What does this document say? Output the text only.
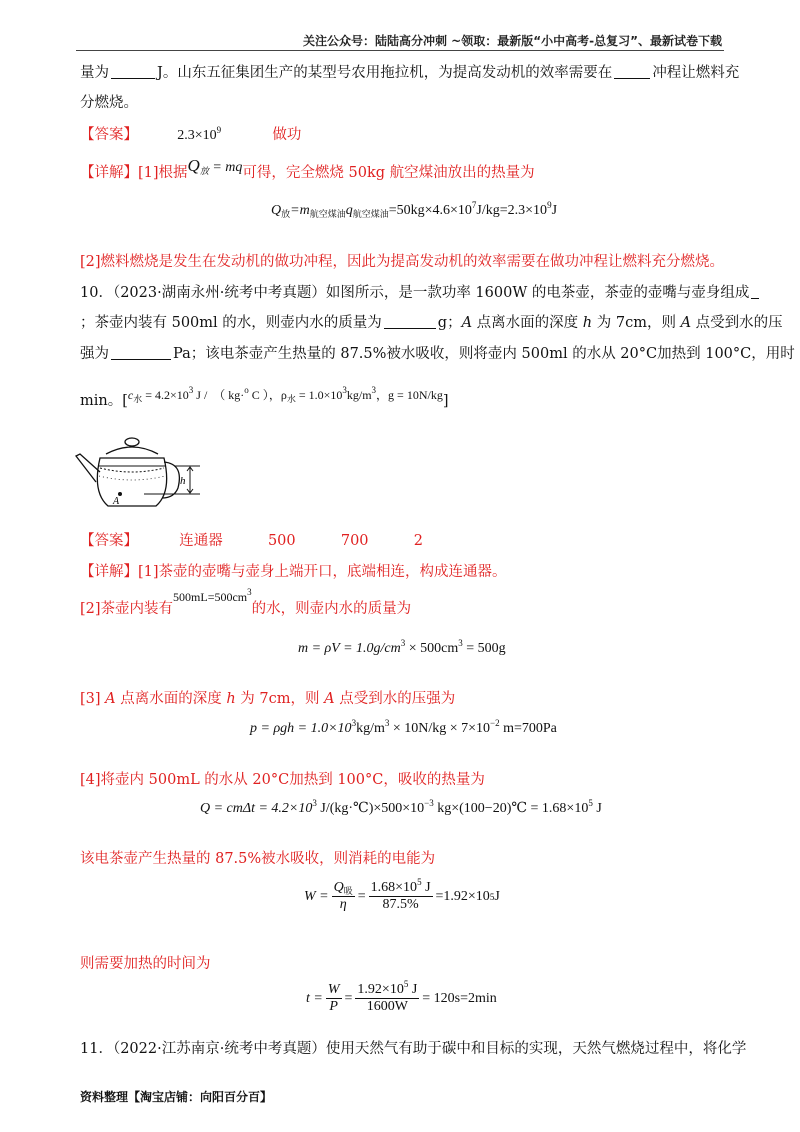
关注公众号：陆陆高分冲刺 ~领取：最新版“小中高考-总复习”、最新试卷下载
量为	J。山东五征集团生产的某型号农用拖拉机，为提高发动机的效率需要在	冲程让燃料充
分燃烧。
【答案】	$2.3\times 10^9$	做功
【详解】[1]根据$Q_放$ = mq可得，完全燃烧 50kg 航空煤油放出的热量为
$Q_放=m_{航空煤油}q_{航空煤油}=50kg\times 4.6\times 10^7J/kg=2.3\times 10^9J$
[2]燃料燃烧是发生在发动机的做功冲程，因此为提高发动机的效率需要在做功冲程让燃料充分燃烧。
10．（2023·湖南永州·统考中考真题）如图所示，是一款功率 1600W 的电茶壶，茶壶的壶嘴与壶身组成
；茶壶内装有 500ml 的水，则壶内水的质量为	g；A 点离水面的深度 h 为 7cm，则 A 点受到水的压
强为	Pa；该电茶壶产生热量的 87.5%被水吸收，则将壶内 500ml 的水从 20°C加热到 100°C，用时
min。[$^{c_水 = 4.2\times 10^3 J / ( kg\cdot^o C ),\rho_水 = 1.0\times 10^3kg/m^3,g = 10N/kg}$]
A
h
【答案】	连通器	500	700	2
【详解】[1]茶壶的壶嘴与壶身上端开口，底端相连，构成连通器。
[2]茶壶内装有$^{500mL=500cm^3}$的水，则壶内水的质量为
$m = \rho V = 1.0g/cm^3 \times 500cm^3 = 500g$
[3] A 点离水面的深度 h 为 7cm，则 A 点受到水的压强为
$p = \rho gh = 1.0\times 10^3kg/m^3 \times 10N/kg \times 7\times 10^{-2}$ m=700Pa
[4]将壶内 500mL 的水从 20°C加热到 100°C，吸收的热量为
$Q = cm\Delta t = 4.2\times 10^3$ $J/(kg\cdot℃)\times 500\times 10^{-3}$ kg×(100−20)℃ = $1.68\times 10^5$ J
该电茶壶产生热量的 87.5%被水吸收，则消耗的电能为
$W = \frac{Q_吸}{\eta} = \frac{1.68\times 10^5 J}{87.5\%} =1.92\times 10$ 5 J
则需要加热的时间为
$t = \frac{W}{P} = \frac{1.92\times 10^5 J}{1600W} = 120s=2\min$
11．（2022·江苏南京·统考中考真题）使用天然气有助于碳中和目标的实现，天然气燃烧过程中，将化学
资料整理【淘宝店铺：向阳百分百】
